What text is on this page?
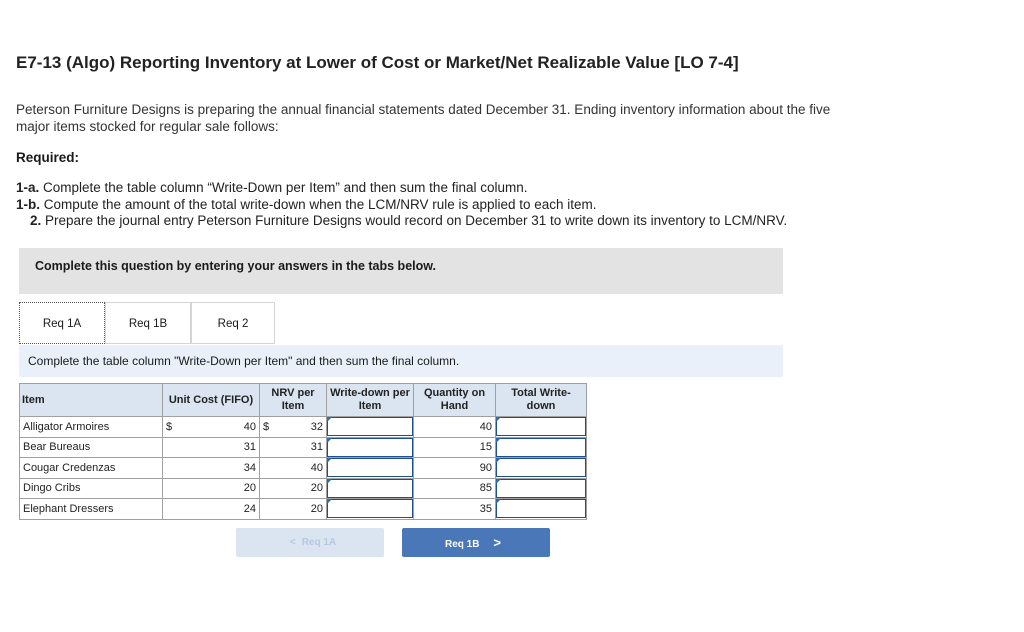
E7-13 (Algo) Reporting Inventory at Lower of Cost or Market/Net Realizable Value [LO 7-4]

Peterson Furniture Designs is preparing the annual financial statements dated December 31. Ending inventory information about the five major items stocked for regular sale follows:

Required:

1-a. Complete the table column “Write-Down per Item” and then sum the final column.
1-b. Compute the amount of the total write-down when the LCM/NRV rule is applied to each item.
2. Prepare the journal entry Peterson Furniture Designs would record on December 31 to write down its inventory to LCM/NRV.
Complete this question by entering your answers in the tabs below.
Req 1A	Req 1B	Req 2
Complete the table column "Write-Down per Item" and then sum the final column.
Item	Unit Cost (FIFO)	NRV per Item	Write-down per Item	Quantity on Hand	Total Write-down
Alligator Armoires	$ 40	$ 32		40	

Bear Bureaus	31	31		15	

Cougar Credenzas	34	40		90	

Dingo Cribs	20	20		85	

Elephant Dressers	24	20		35	
< Req 1A	Req 1B >
